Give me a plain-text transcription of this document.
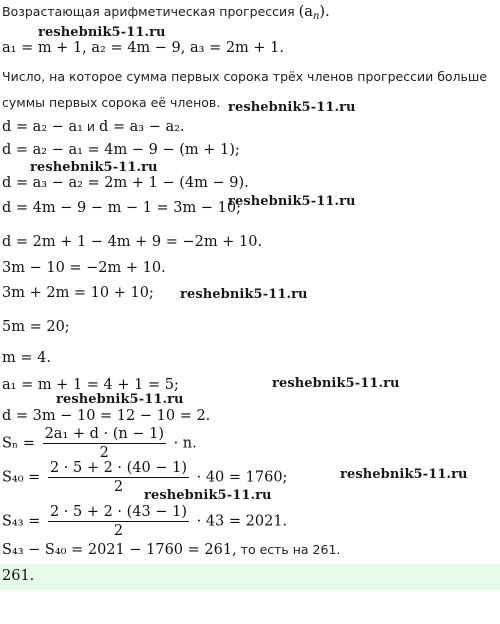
Возрастающая арифметическая прогрессия $(a_n)$.
reshebnik5-11.ru
a₁ = m + 1, a₂ = 4m − 9, a₃ = 2m + 1.
Число, на которое сумма первых сорока трёх членов прогрессии больше
суммы первых сорока её членов. reshebnik5-11.ru
d = a₂ − a₁ и d = a₃ − a₂.
d = a₂ − a₁ = 4m − 9 − (m + 1);
reshebnik5-11.ru
d = a₃ − a₂ = 2m + 1 − (4m − 9).
d = 4m − 9 − m − 1 = 3m − 10;
reshebnik5-11.ru
d = 2m + 1 − 4m + 9 = −2m + 10.
3m − 10 = −2m + 10.
3m + 2m = 10 + 10; reshebnik5-11.ru
5m = 20;
m = 4.
a₁ = m + 1 = 4 + 1 = 5;	reshebnik5-11.ru
reshebnik5-11.ru
d = 3m − 10 = 12 − 10 = 2.
$S_n = \frac{\text{2a₁ + d · (n − 1)}}{2} \cdot n$.
$S_{40} = \frac{2 \cdot 5 + 2 \cdot (40 - 1)}{2} \cdot 40 = 1760$;	reshebnik5-11.ru
reshebnik5-11.ru
$S_{43} = \frac{2 \cdot 5 + 2 \cdot (43 - 1)}{2} \cdot 43 = 2021$.
S₄₃ − S₄₀ = 2021 − 1760 = 261, то есть на 261.
261.
